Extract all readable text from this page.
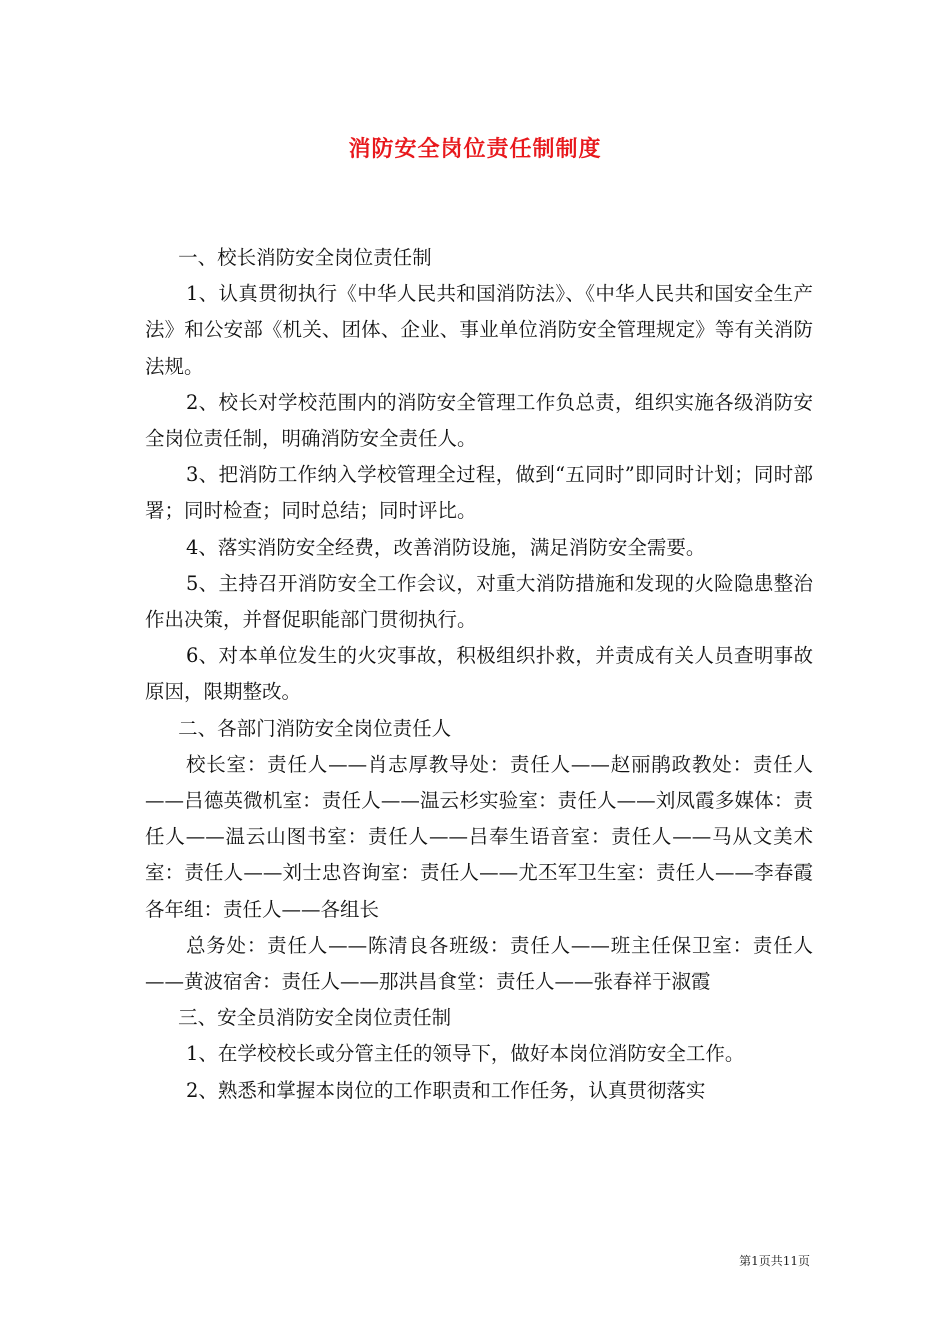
消防安全岗位责任制制度

一、校长消防安全岗位责任制

1、认真贯彻执行《中华人民共和国消防法》、《中华人民共和国安全生产法》和公安部《机关、团体、企业、事业单位消防安全管理规定》等有关消防法规。

2、校长对学校范围内的消防安全管理工作负总责，组织实施各级消防安全岗位责任制，明确消防安全责任人。

3、把消防工作纳入学校管理全过程，做到“五同时”即同时计划；同时部署；同时检查；同时总结；同时评比。

4、落实消防安全经费，改善消防设施，满足消防安全需要。

5、主持召开消防安全工作会议，对重大消防措施和发现的火险隐患整治作出决策，并督促职能部门贯彻执行。

6、对本单位发生的火灾事故，积极组织扑救，并责成有关人员查明事故原因，限期整改。

二、各部门消防安全岗位责任人

校长室：责任人——肖志厚教导处：责任人——赵丽鹃政教处：责任人——吕德英微机室：责任人——温云杉实验室：责任人——刘凤霞多媒体：责任人——温云山图书室：责任人——吕奉生语音室：责任人——马从文美术室：责任人——刘士忠咨询室：责任人——尤丕军卫生室：责任人——李春霞各年组：责任人——各组长

总务处：责任人——陈清良各班级：责任人——班主任保卫室：责任人——黄波宿舍：责任人——那洪昌食堂：责任人——张春祥于淑霞

三、安全员消防安全岗位责任制

1、在学校校长或分管主任的领导下，做好本岗位消防安全工作。

2、熟悉和掌握本岗位的工作职责和工作任务，认真贯彻落实

第1页共11页
